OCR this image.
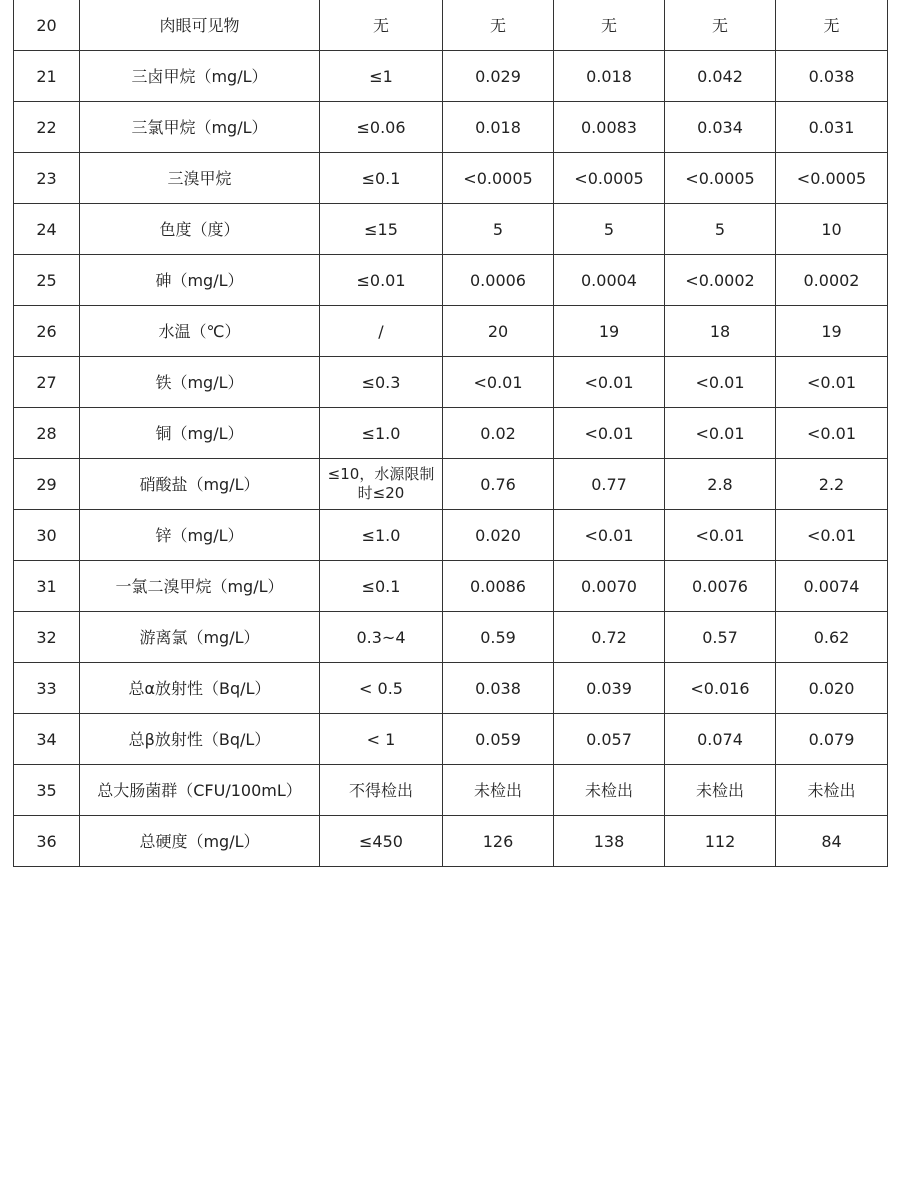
20	肉眼可见物	无	无	无	无	无
21	三卤甲烷（mg/L）	≤1	0.029	0.018	0.042	0.038
22	三氯甲烷（mg/L）	≤0.06	0.018	0.0083	0.034	0.031
23	三溴甲烷	≤0.1	<0.0005	<0.0005	<0.0005	<0.0005
24	色度（度）	≤15	5	5	5	10
25	砷（mg/L）	≤0.01	0.0006	0.0004	<0.0002	0.0002
26	水温（℃）	/	20	19	18	19
27	铁（mg/L）	≤0.3	<0.01	<0.01	<0.01	<0.01
28	铜（mg/L）	≤1.0	0.02	<0.01	<0.01	<0.01
29	硝酸盐（mg/L）	≤10，水源限制时≤20	0.76	0.77	2.8	2.2
30	锌（mg/L）	≤1.0	0.020	<0.01	<0.01	<0.01
31	一氯二溴甲烷（mg/L）	≤0.1	0.0086	0.0070	0.0076	0.0074
32	游离氯（mg/L）	0.3~4	0.59	0.72	0.57	0.62
33	总α放射性（Bq/L）	< 0.5	0.038	0.039	<0.016	0.020
34	总β放射性（Bq/L）	< 1	0.059	0.057	0.074	0.079
35	总大肠菌群（CFU/100mL）	不得检出	未检出	未检出	未检出	未检出
36	总硬度（mg/L）	≤450	126	138	112	84
